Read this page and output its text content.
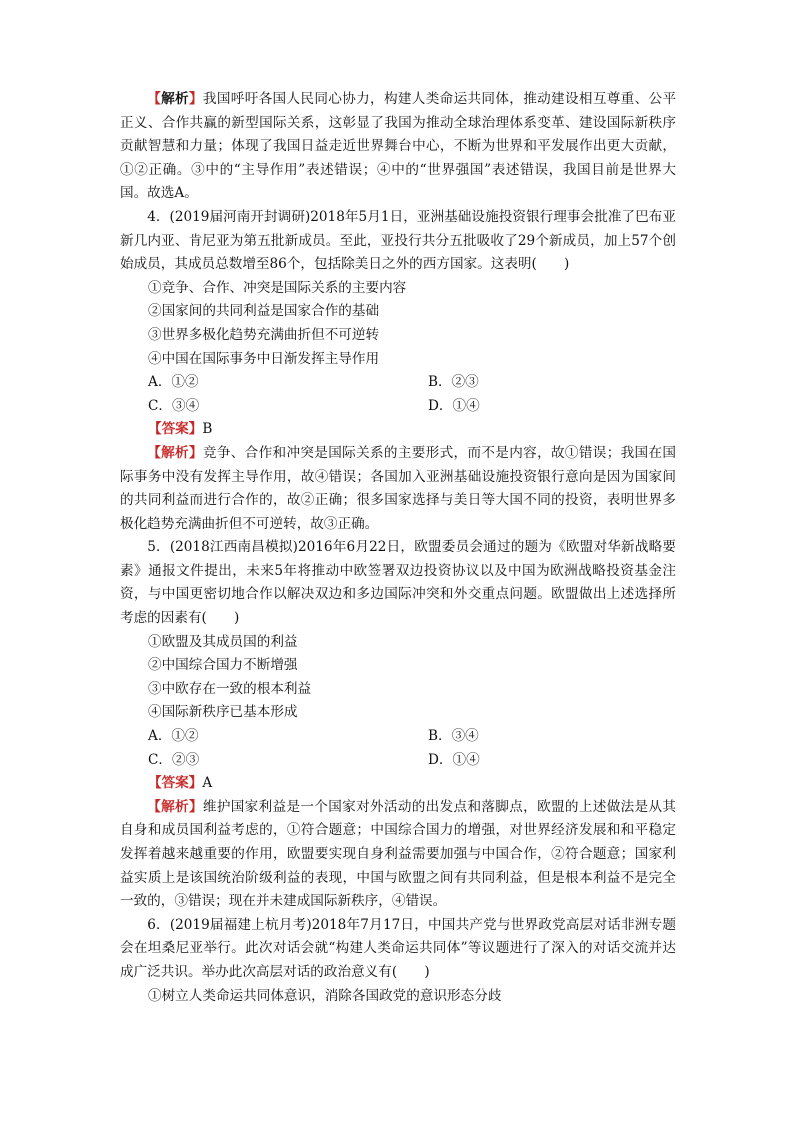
【解析】我国呼吁各国人民同心协力，构建人类命运共同体，推动建设相互尊重、公平正义、合作共赢的新型国际关系，这彰显了我国为推动全球治理体系变革、建设国际新秩序贡献智慧和力量；体现了我国日益走近世界舞台中心，不断为世界和平发展作出更大贡献，①②正确。③中的“主导作用”表述错误；④中的“世界强国”表述错误，我国目前是世界大国。故选A。

4．(2019届河南开封调研)2018年5月1日，亚洲基础设施投资银行理事会批准了巴布亚新几内亚、肯尼亚为第五批新成员。至此，亚投行共分五批吸收了29个新成员，加上57个创始成员，其成员总数增至86个，包括除美日之外的西方国家。这表明(　　)

①竞争、合作、冲突是国际关系的主要内容

②国家间的共同利益是国家合作的基础

③世界多极化趋势充满曲折但不可逆转

④中国在国际事务中日渐发挥主导作用

A．①②	B．②③

C．③④	D．①④

【答案】B

【解析】竞争、合作和冲突是国际关系的主要形式，而不是内容，故①错误；我国在国际事务中没有发挥主导作用，故④错误；各国加入亚洲基础设施投资银行意向是因为国家间的共同利益而进行合作的，故②正确；很多国家选择与美日等大国不同的投资，表明世界多极化趋势充满曲折但不可逆转，故③正确。

5．(2018江西南昌模拟)2016年6月22日，欧盟委员会通过的题为《欧盟对华新战略要素》通报文件提出，未来5年将推动中欧签署双边投资协议以及中国为欧洲战略投资基金注资，与中国更密切地合作以解决双边和多边国际冲突和外交重点问题。欧盟做出上述选择所考虑的因素有(　　)

①欧盟及其成员国的利益

②中国综合国力不断增强

③中欧存在一致的根本利益

④国际新秩序已基本形成

A．①②	B．③④

C．②③	D．①④

【答案】A

【解析】维护国家利益是一个国家对外活动的出发点和落脚点，欧盟的上述做法是从其自身和成员国利益考虑的，①符合题意；中国综合国力的增强，对世界经济发展和和平稳定发挥着越来越重要的作用，欧盟要实现自身利益需要加强与中国合作，②符合题意；国家利益实质上是该国统治阶级利益的表现，中国与欧盟之间有共同利益，但是根本利益不是完全一致的，③错误；现在并未建成国际新秩序，④错误。

6．(2019届福建上杭月考)2018年7月17日，中国共产党与世界政党高层对话非洲专题会在坦桑尼亚举行。此次对话会就“构建人类命运共同体”等议题进行了深入的对话交流并达成广泛共识。举办此次高层对话的政治意义有(　　)

①树立人类命运共同体意识，消除各国政党的意识形态分歧
